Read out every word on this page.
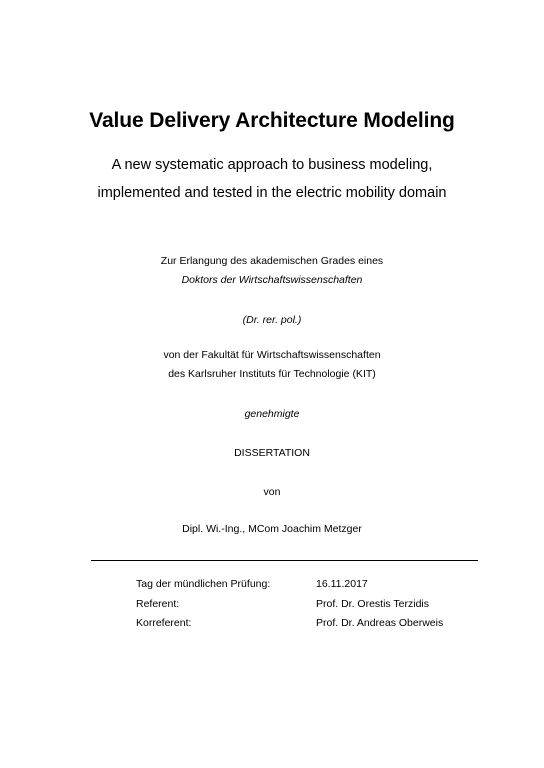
Value Delivery Architecture Modeling
A new systematic approach to business modeling,
implemented and tested in the electric mobility domain
Zur Erlangung des akademischen Grades eines
Doktors der Wirtschaftswissenschaften
(Dr. rer. pol.)
von der Fakultät für Wirtschaftswissenschaften
des Karlsruher Instituts für Technologie (KIT)
genehmigte
DISSERTATION
von
Dipl. Wi.-Ing., MCom Joachim Metzger
Tag der mündlichen Prüfung:	16.11.2017
Referent:	Prof. Dr. Orestis Terzidis
Korreferent:	Prof. Dr. Andreas Oberweis
